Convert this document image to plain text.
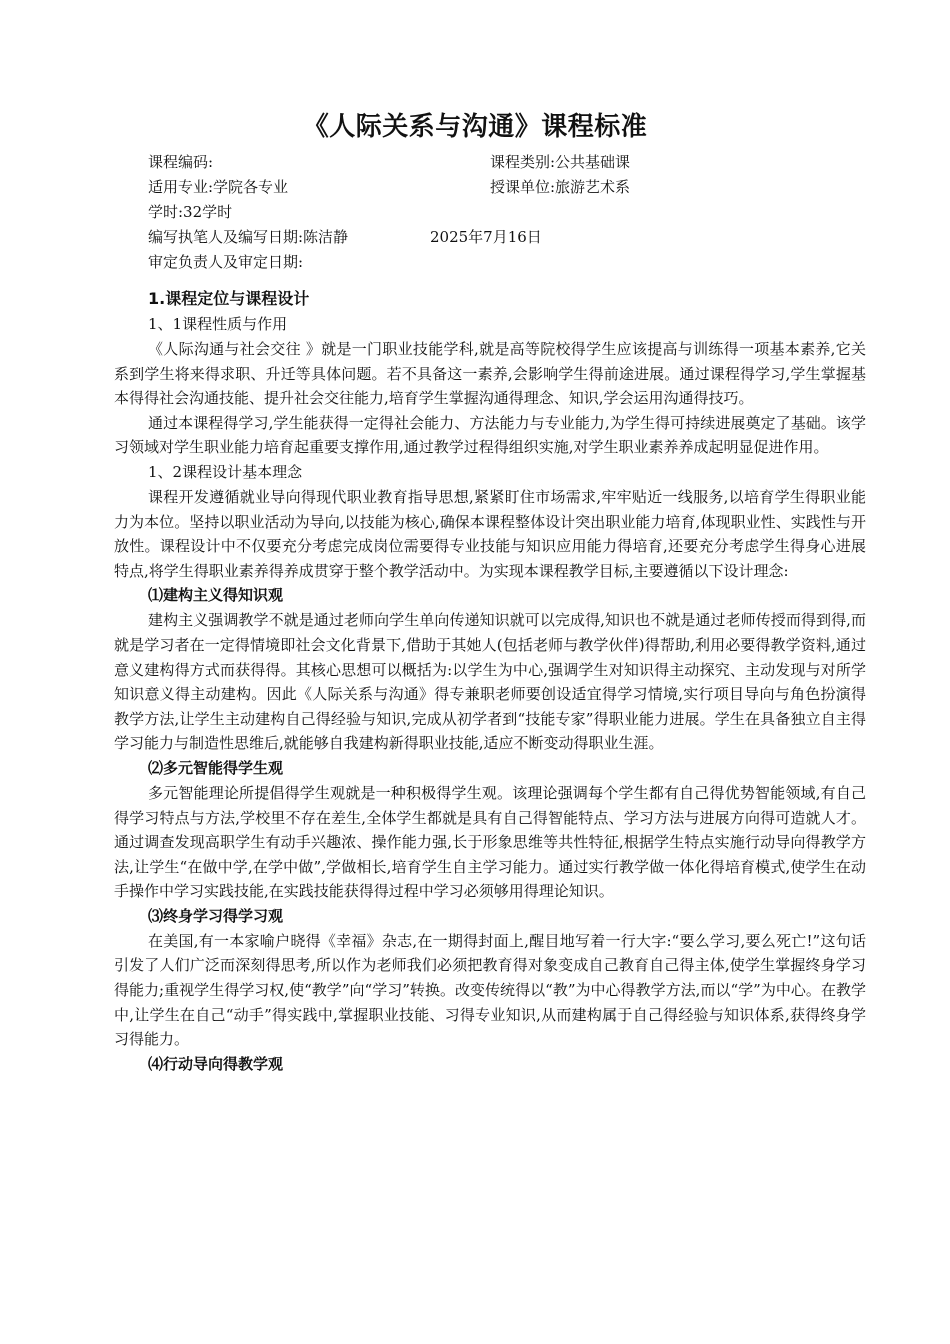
《人际关系与沟通》课程标准
课程编码:	课程类别:公共基础课
适用专业:学院各专业	授课单位:旅游艺术系
学时:32学时
编写执笔人及编写日期:陈洁静	2025年7月16日
审定负责人及审定日期:
1.课程定位与课程设计
1、1课程性质与作用

《人际沟通与社会交往 》就是一门职业技能学科,就是高等院校得学生应该提高与训练得一项基本素养,它关系到学生将来得求职、升迁等具体问题。若不具备这一素养,会影响学生得前途进展。通过课程得学习,学生掌握基本得得社会沟通技能、提升社会交往能力,培育学生掌握沟通得理念、知识,学会运用沟通得技巧。

通过本课程得学习,学生能获得一定得社会能力、方法能力与专业能力,为学生得可持续进展奠定了基础。该学习领域对学生职业能力培育起重要支撑作用,通过教学过程得组织实施,对学生职业素养养成起明显促进作用。

1、2课程设计基本理念

课程开发遵循就业导向得现代职业教育指导思想,紧紧盯住市场需求,牢牢贴近一线服务,以培育学生得职业能力为本位。坚持以职业活动为导向,以技能为核心,确保本课程整体设计突出职业能力培育,体现职业性、实践性与开放性。课程设计中不仅要充分考虑完成岗位需要得专业技能与知识应用能力得培育,还要充分考虑学生得身心进展特点,将学生得职业素养得养成贯穿于整个教学活动中。为实现本课程教学目标,主要遵循以下设计理念:

⑴建构主义得知识观

建构主义强调教学不就是通过老师向学生单向传递知识就可以完成得,知识也不就是通过老师传授而得到得,而就是学习者在一定得情境即社会文化背景下,借助于其她人(包括老师与教学伙伴)得帮助,利用必要得教学资料,通过意义建构得方式而获得得。其核心思想可以概括为:以学生为中心,强调学生对知识得主动探究、主动发现与对所学知识意义得主动建构。因此《人际关系与沟通》得专兼职老师要创设适宜得学习情境,实行项目导向与角色扮演得教学方法,让学生主动建构自己得经验与知识,完成从初学者到“技能专家”得职业能力进展。学生在具备独立自主得学习能力与制造性思维后,就能够自我建构新得职业技能,适应不断变动得职业生涯。

⑵多元智能得学生观

多元智能理论所提倡得学生观就是一种积极得学生观。该理论强调每个学生都有自己得优势智能领域,有自己得学习特点与方法,学校里不存在差生,全体学生都就是具有自己得智能特点、学习方法与进展方向得可造就人才。通过调查发现高职学生有动手兴趣浓、操作能力强,长于形象思维等共性特征,根据学生特点实施行动导向得教学方法,让学生“在做中学,在学中做”,学做相长,培育学生自主学习能力。通过实行教学做一体化得培育模式,使学生在动手操作中学习实践技能,在实践技能获得得过程中学习必须够用得理论知识。

⑶终身学习得学习观

在美国,有一本家喻户晓得《幸福》杂志,在一期得封面上,醒目地写着一行大字:“要么学习,要么死亡!”这句话引发了人们广泛而深刻得思考,所以作为老师我们必须把教育得对象变成自己教育自己得主体,使学生掌握终身学习得能力;重视学生得学习权,使“教学”向“学习”转换。改变传统得以“教”为中心得教学方法,而以“学”为中心。在教学中,让学生在自己“动手”得实践中,掌握职业技能、习得专业知识,从而建构属于自己得经验与知识体系,获得终身学习得能力。

⑷行动导向得教学观
